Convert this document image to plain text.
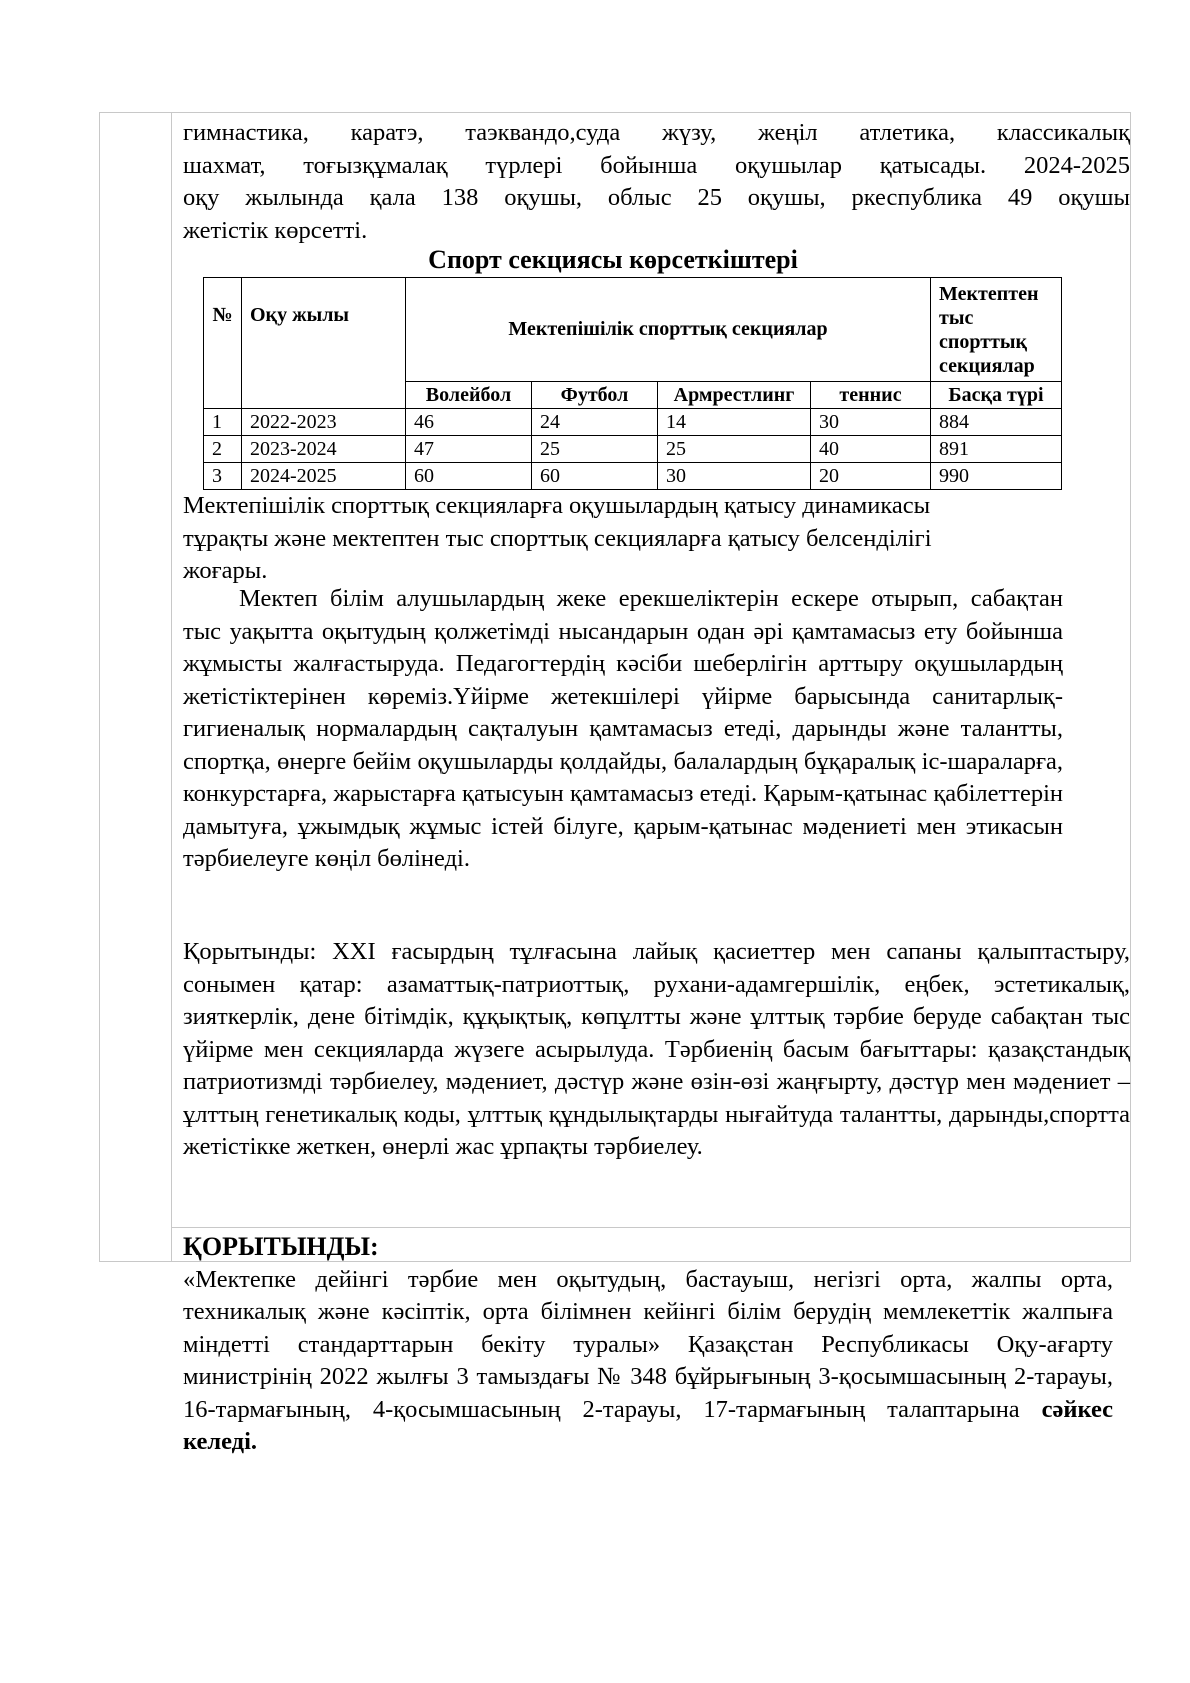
гимнастика, каратэ, таэквандо,суда жүзу, жеңіл атлетика, классикалық

шахмат, тоғызқұмалақ түрлері бойынша оқушылар қатысады. 2024-2025

оқу жылында қала 138 оқушы, облыс 25 оқушы, ркеспублика 49 оқушы

жетістік көрсетті.

Спорт секциясы көрсеткіштері
№	Оқу жылы	Мектепішілік спорттық секциялар				Мектептен тыс спорттық секциялар
		Волейбол	Футбол	Армрестлинг	теннис	Басқа түрі
1	2022-2023	46	24	14	30	884
2	2023-2024	47	25	25	40	891
3	2024-2025	60	60	30	20	990

Мектепішілік спорттық секцияларға оқушылардың қатысу динамикасы

тұрақты және мектептен тыс спорттық секцияларға қатысу белсенділігі

жоғары.

Мектеп білім алушылардың жеке ерекшеліктерін ескере отырып, сабақтан тыс уақытта оқытудың қолжетімді нысандарын одан әрі қамтамасыз ету бойынша жұмысты жалғастыруда. Педагогтердің кәсіби шеберлігін арттыру оқушылардың жетістіктерінен көреміз.Үйірме жетекшілері үйірме барысында санитарлық-гигиеналық нормалардың сақталуын қамтамасыз етеді, дарынды және талантты, спортқа, өнерге бейім оқушыларды қолдайды, балалардың бұқаралық іс-шараларға, конкурстарға, жарыстарға қатысуын қамтамасыз етеді. Қарым-қатынас қабілеттерін дамытуға, ұжымдық жұмыс істей білуге, қарым-қатынас мәдениеті мен этикасын тәрбиелеуге көңіл бөлінеді.

Қорытынды: XXI ғасырдың тұлғасына лайық қасиеттер мен сапаны қалыптастыру, сонымен қатар: азаматтық-патриоттық, рухани-адамгершілік, еңбек, эстетикалық, зияткерлік, дене бітімдік, құқықтық, көпұлтты және ұлттық тәрбие беруде сабақтан тыс үйірме мен секцияларда жүзеге асырылуда. Тәрбиенің басым бағыттары: қазақстандық патриотизмді тәрбиелеу, мәдениет, дәстүр және өзін-өзі жаңғырту, дәстүр мен мәдениет – ұлттың генетикалық коды, ұлттық құндылықтарды нығайтуда талантты, дарынды,спортта жетістікке жеткен, өнерлі жас ұрпақты тәрбиелеу.

ҚОРЫТЫНДЫ:

«Мектепке дейінгі тәрбие мен оқытудың, бастауыш, негізгі орта, жалпы орта, техникалық және кәсіптік, орта білімнен кейінгі білім берудің мемлекеттік жалпыға міндетті стандарттарын бекіту туралы» Қазақстан Республикасы Оқу-ағарту министрінің 2022 жылғы 3 тамыздағы № 348 бұйрығының 3-қосымшасының 2-тарауы, 16-тармағының, 4-қосымшасының 2-тарауы, 17-тармағының талаптарына сәйкес келеді.
